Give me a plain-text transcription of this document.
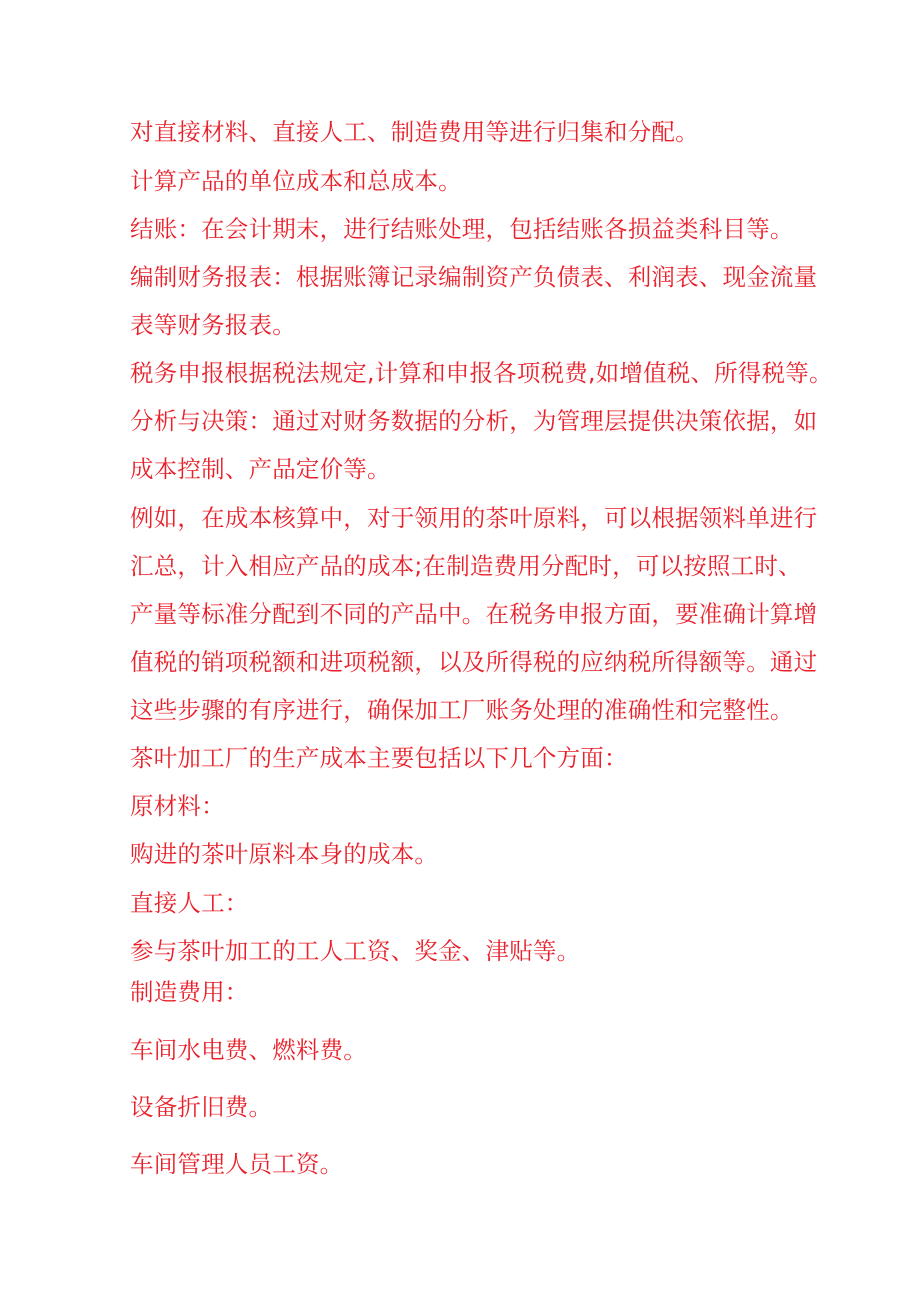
对直接材料、直接人工、制造费用等进行归集和分配。

计算产品的单位成本和总成本。

结账：在会计期末，进行结账处理，包括结账各损益类科目等。

编制财务报表：根据账簿记录编制资产负债表、利润表、现金流量

表等财务报表。

税务申报根据税法规定,计算和申报各项税费,如增值税、所得税等。

分析与决策：通过对财务数据的分析，为管理层提供决策依据，如

成本控制、产品定价等。

例如，在成本核算中，对于领用的茶叶原料，可以根据领料单进行

汇总，计入相应产品的成本;在制造费用分配时，可以按照工时、

产量等标准分配到不同的产品中。在税务申报方面，要准确计算增

值税的销项税额和进项税额，以及所得税的应纳税所得额等。通过

这些步骤的有序进行，确保加工厂账务处理的准确性和完整性。

茶叶加工厂的生产成本主要包括以下几个方面：

原材料：

购进的茶叶原料本身的成本。

直接人工：

参与茶叶加工的工人工资、奖金、津贴等。

制造费用：

车间水电费、燃料费。

设备折旧费。

车间管理人员工资。
